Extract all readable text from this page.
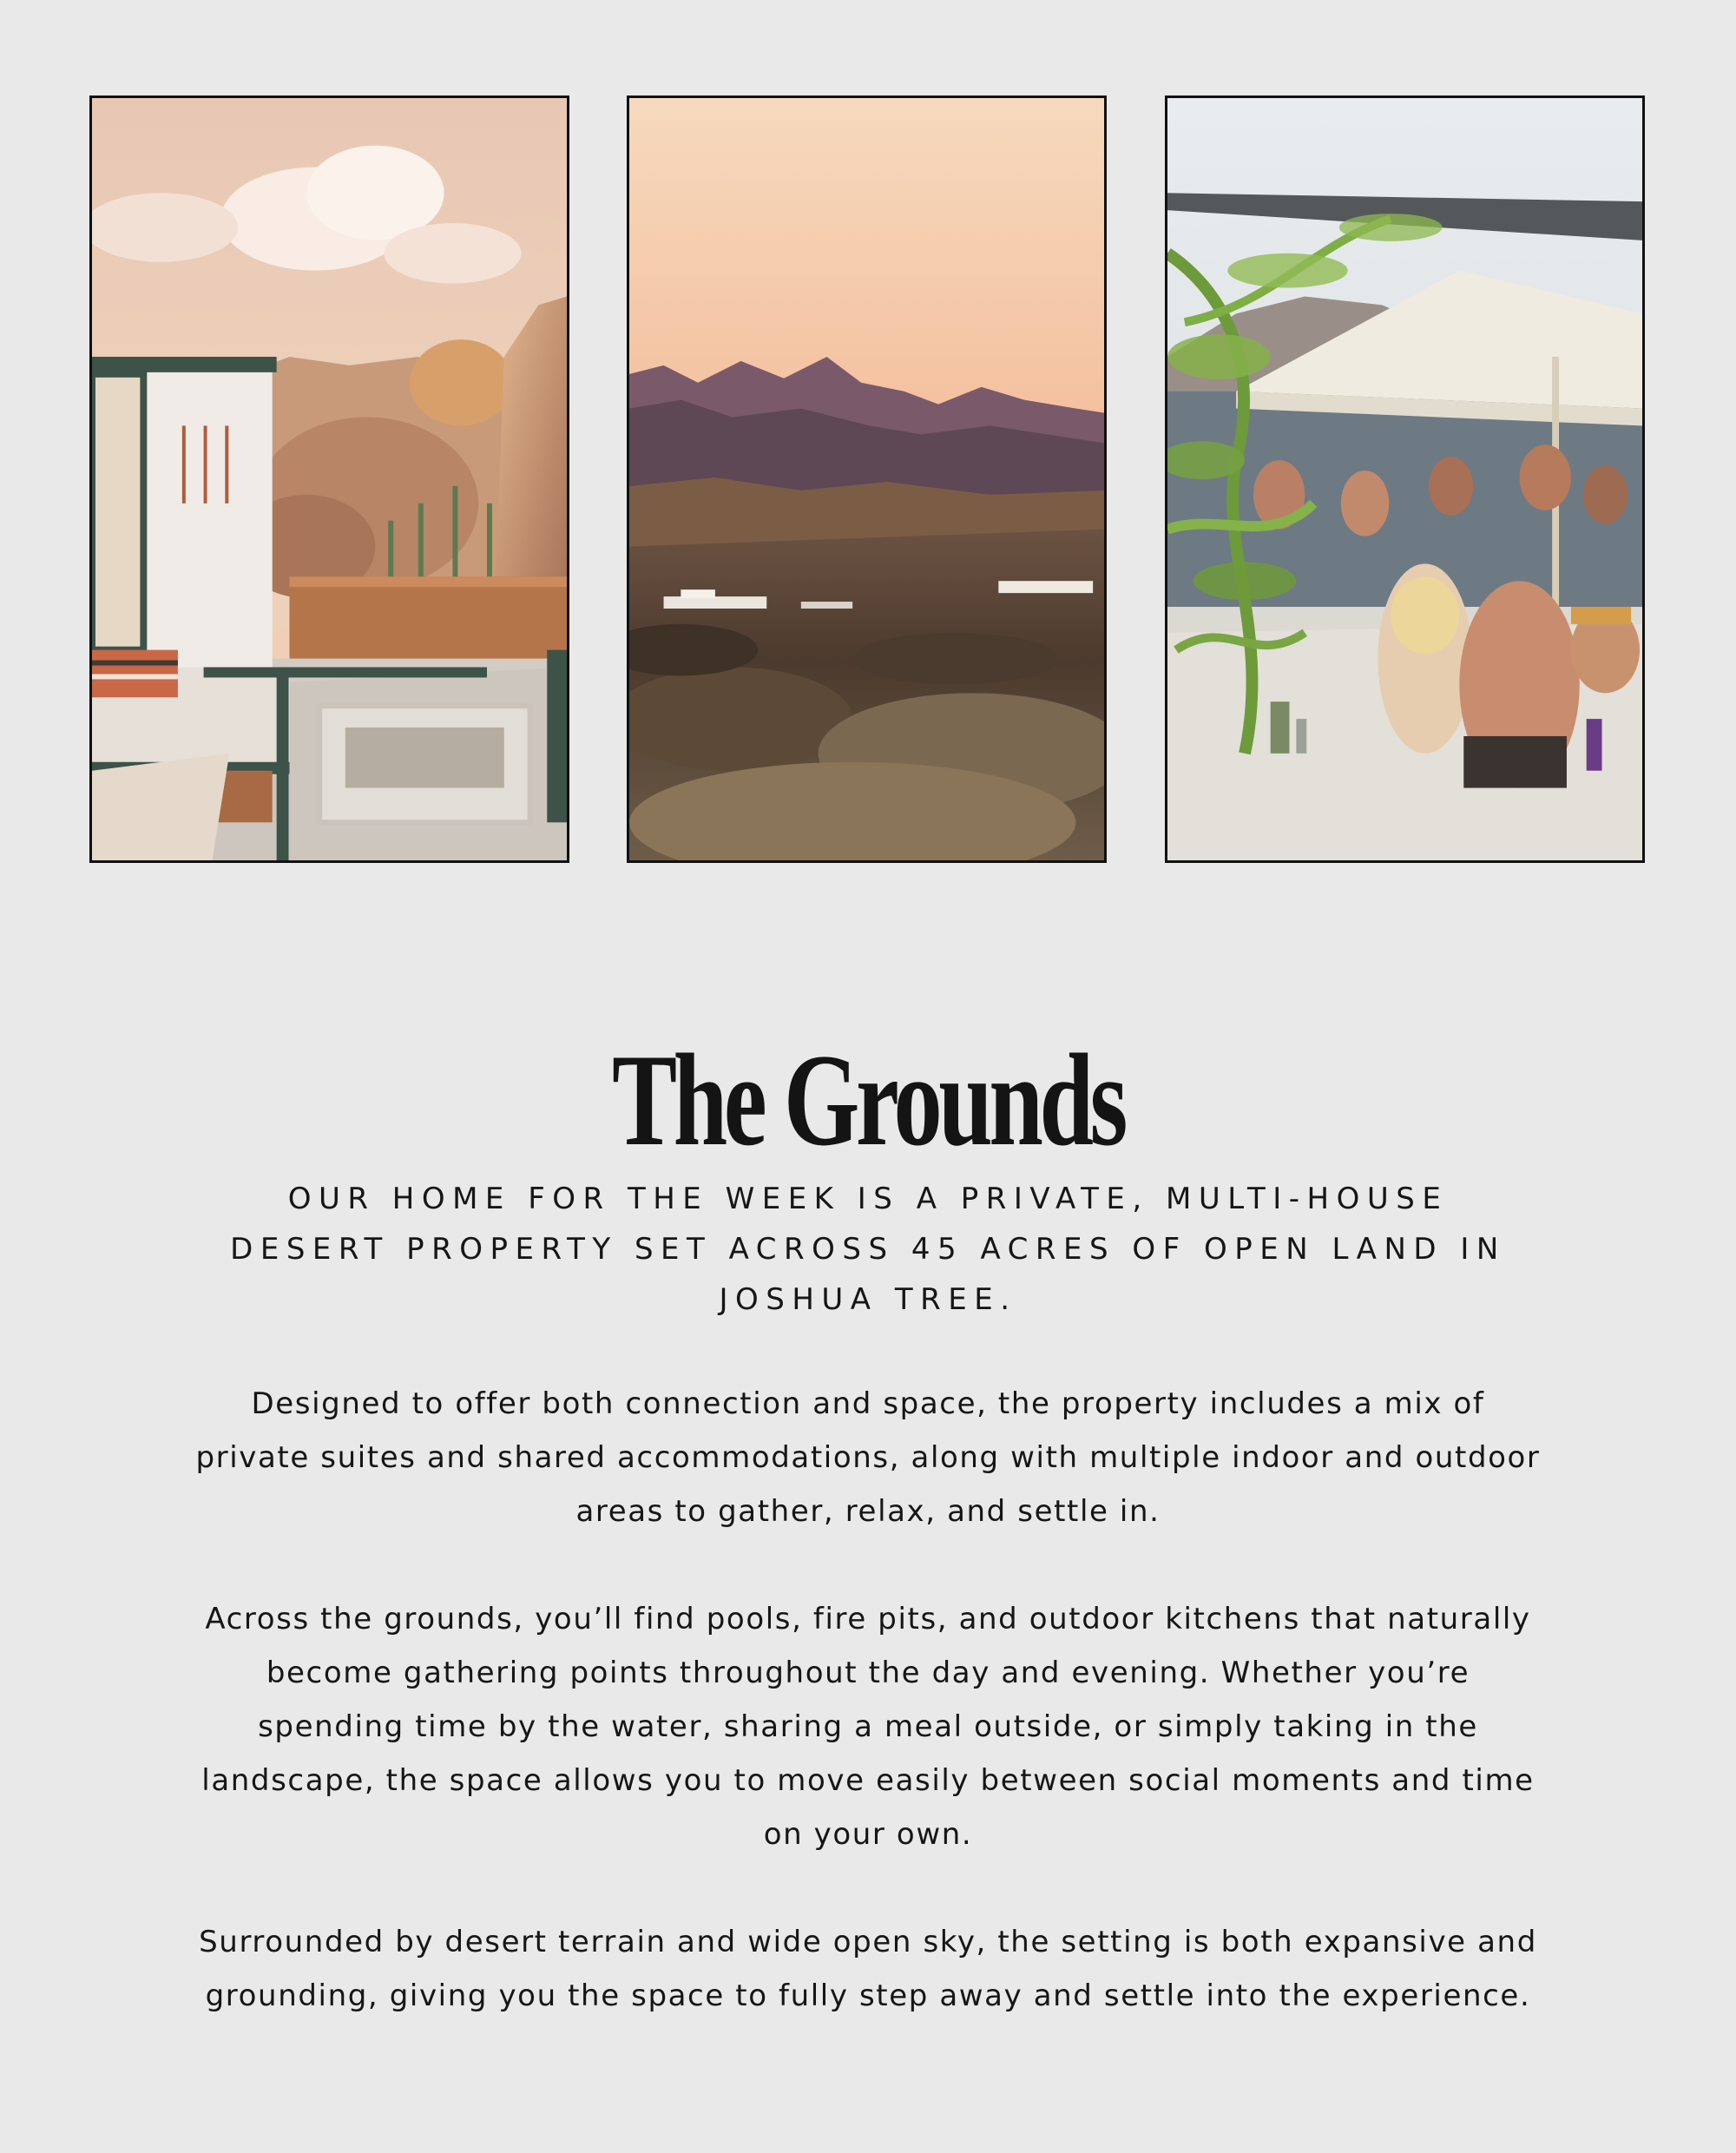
The Grounds

OUR HOME FOR THE WEEK IS A PRIVATE, MULTI-HOUSE DESERT PROPERTY SET ACROSS 45 ACRES OF OPEN LAND IN JOSHUA TREE.

Designed to offer both connection and space, the property includes a mix of private suites and shared accommodations, along with multiple indoor and outdoor areas to gather, relax, and settle in.

Across the grounds, you’ll find pools, fire pits, and outdoor kitchens that naturally become gathering points throughout the day and evening. Whether you’re spending time by the water, sharing a meal outside, or simply taking in the landscape, the space allows you to move easily between social moments and time on your own.

Surrounded by desert terrain and wide open sky, the setting is both expansive and grounding, giving you the space to fully step away and settle into the experience.
